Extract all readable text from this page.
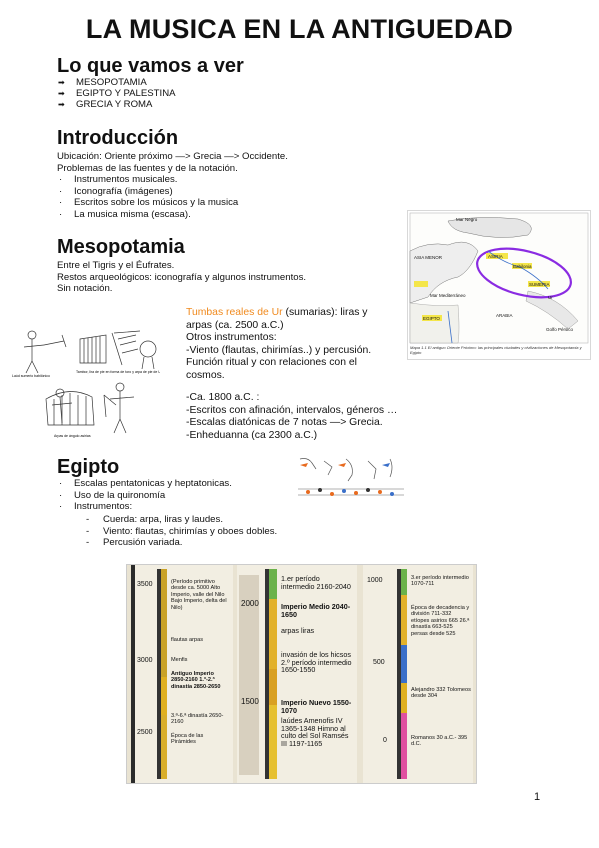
LA MUSICA EN LA ANTIGUEDAD
Lo que vamos a ver
➡ MESOPOTAMIA
➡ EGIPTO Y PALESTINA
➡ GRECIA Y ROMA
Introducción
Ubicación: Oriente próximo —> Grecia —> Occidente.
Problemas de las fuentes y de la notación.
· Instrumentos musicales.
· Iconografía (imágenes)
· Escritos sobre los músicos y la musica
· La musica misma (escasa).	Mar Negro
ASIA MENOR	ASIRIA
Babilonia
Ur
SUMERIA
Mar Mediterráneo
EGIPTO
ARABIA
Golfo Pérsico
Mapa 1.1 El antiguo Oriente Próximo: las principales ciudades y civilizaciones de Mesopotamia y Egipto
Mesopotamia
Entre el Tigris y el Éufrates.
Restos arqueológicos: iconografía y algunos instrumentos.
Sin notación.
Laúd sumerio babilónico
Tambor, lira de pie en forma de toro y arpa de pie de Ur (III)
Arpas de ángulo asirias
Tumbas reales de Ur (sumarias): liras y
arpas (ca. 2500 a.C.)
Otros instrumentos:
-Viento (flautas, chirimías..) y percusión.
Función ritual y con relaciones con el
cosmos.
-Ca. 1800 a.C. :
-Escritos con afinación, intervalos, géneros …
-Escalas diatónicas de 7 notas —> Grecia.
-Enheduanna (ca 2300 a.C.)
Egipto
· Escalas pentatonicas y heptatonicas.
· Uso de la quironomía
· Instrumentos:
- Cuerda: arpa, liras y laudes.
- Viento: flautas, chirimías y oboes dobles.
- Percusión variada.
3500
3000
2500
(Período primitivo desde ca. 5000 Alto Imperio, valle del Nilo Bajo Imperio, delta del Nilo)
flautas arpas
Menfis
Antiguo Imperio 2850-2160 1.ª-2.ª dinastía 2850-2650
3.ª-6.ª dinastía 2650-2160
Época de las Pirámides
2000
1500
1.er período intermedio 2160-2040
Imperio Medio 2040-1650
arpas liras
invasión de los hicsos 2.º período intermedio 1650-1550
Imperio Nuevo 1550-1070
laúdes Amenofis IV 1365-1348 Himno al culto del Sol Ramsés III 1197-1165
1000
500
0
3.er período intermedio 1070-711
Época de decadencia y división 711-332 etíopes asirios 665 26.ª dinastía 663-525 persas desde 525
Alejandro 332 Tolomeos desde 304
Romanos 30 a.C.- 395 d.C.
1
